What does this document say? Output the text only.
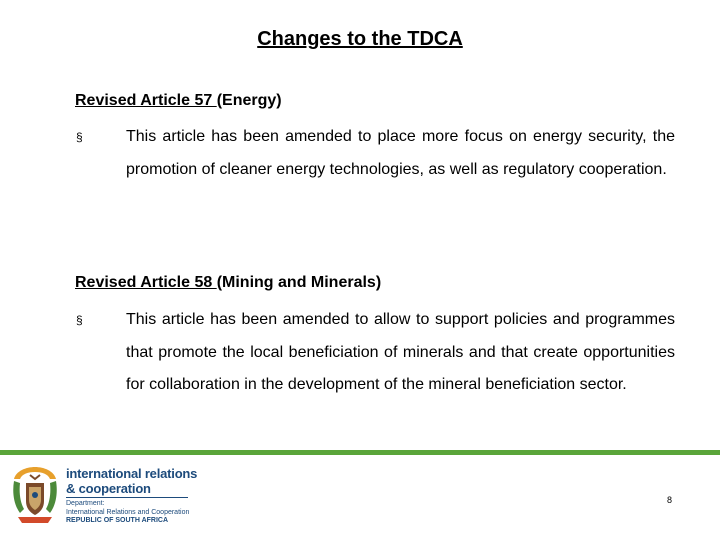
Changes to the TDCA
Revised Article 57 (Energy)
§	This article has been amended to place more focus on energy security, the promotion of cleaner energy technologies, as well as regulatory cooperation.
Revised Article 58 (Mining and Minerals)
§	This article has been amended to allow to support policies and programmes that promote the local beneficiation of minerals and that create opportunities for collaboration in the development of the mineral beneficiation sector.
international relations
& cooperation
Department:
International Relations and Cooperation
REPUBLIC OF SOUTH AFRICA
8
